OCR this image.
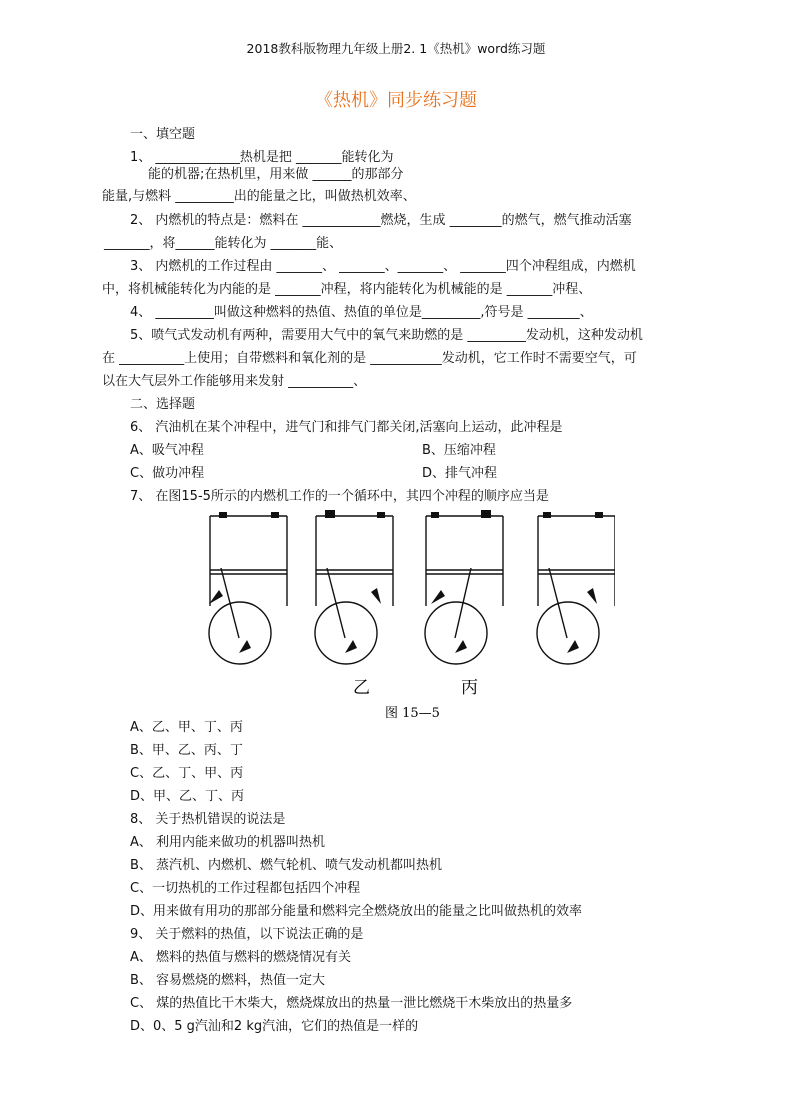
2018教科版物理九年级上册2. 1《热机》word练习题
《热机》同步练习题
一、填空题
1、 _____________热机是把 _______能转化为
能的机器;在热机里，用来做 ______的那部分
能量,与燃料 _________出的能量之比，叫做热机效率、
2、 内燃机的特点是：燃料在 ____________燃烧，生成 ________的燃气，燃气推动活塞
_______，将______能转化为 _______能、
3、 内燃机的工作过程由 _______、 _______、_______、 _______四个冲程组成，内燃机
中，将机械能转化为内能的是 _______冲程，将内能转化为机械能的是 _______冲程、
4、 _________叫做这种燃料的热值、热值的单位是_________,符号是 ________、
5、喷气式发动机有两种，需要用大气中的氧气来助燃的是 _________发动机，这种发动机
在 __________上使用；自带燃料和氧化剂的是 ___________发动机，它工作时不需要空气，可
以在大气层外工作能够用来发射 __________、
二、选择题
6、 汽油机在某个冲程中，进气门和排气门都关闭,活塞向上运动，此冲程是
A、吸气冲程	B、压缩冲程
C、做功冲程	D、排气冲程
7、 在图15-5所示的内燃机工作的一个循环中，其四个冲程的顺序应当是
A、乙、甲、丁、丙
B、甲、乙、丙、丁
C、乙、丁、甲、丙
D、甲、乙、丁、丙
8、 关于热机错误的说法是
A、 利用内能来做功的机器叫热机
B、 蒸汽机、内燃机、燃气轮机、喷气发动机都叫热机
C、一切热机的工作过程都包括四个冲程
D、用来做有用功的那部分能量和燃料完全燃烧放出的能量之比叫做热机的效率
9、 关于燃料的热值，以下说法正确的是
A、 燃料的热值与燃料的燃烧情况有关
B、 容易燃烧的燃料，热值一定大
C、 煤的热值比干木柴大，燃烧煤放出的热量一泄比燃烧干木柴放出的热量多
D、0、5 g汽汕和2 kg汽油，它们的热值是一样的
乙	丙
图 15—5
